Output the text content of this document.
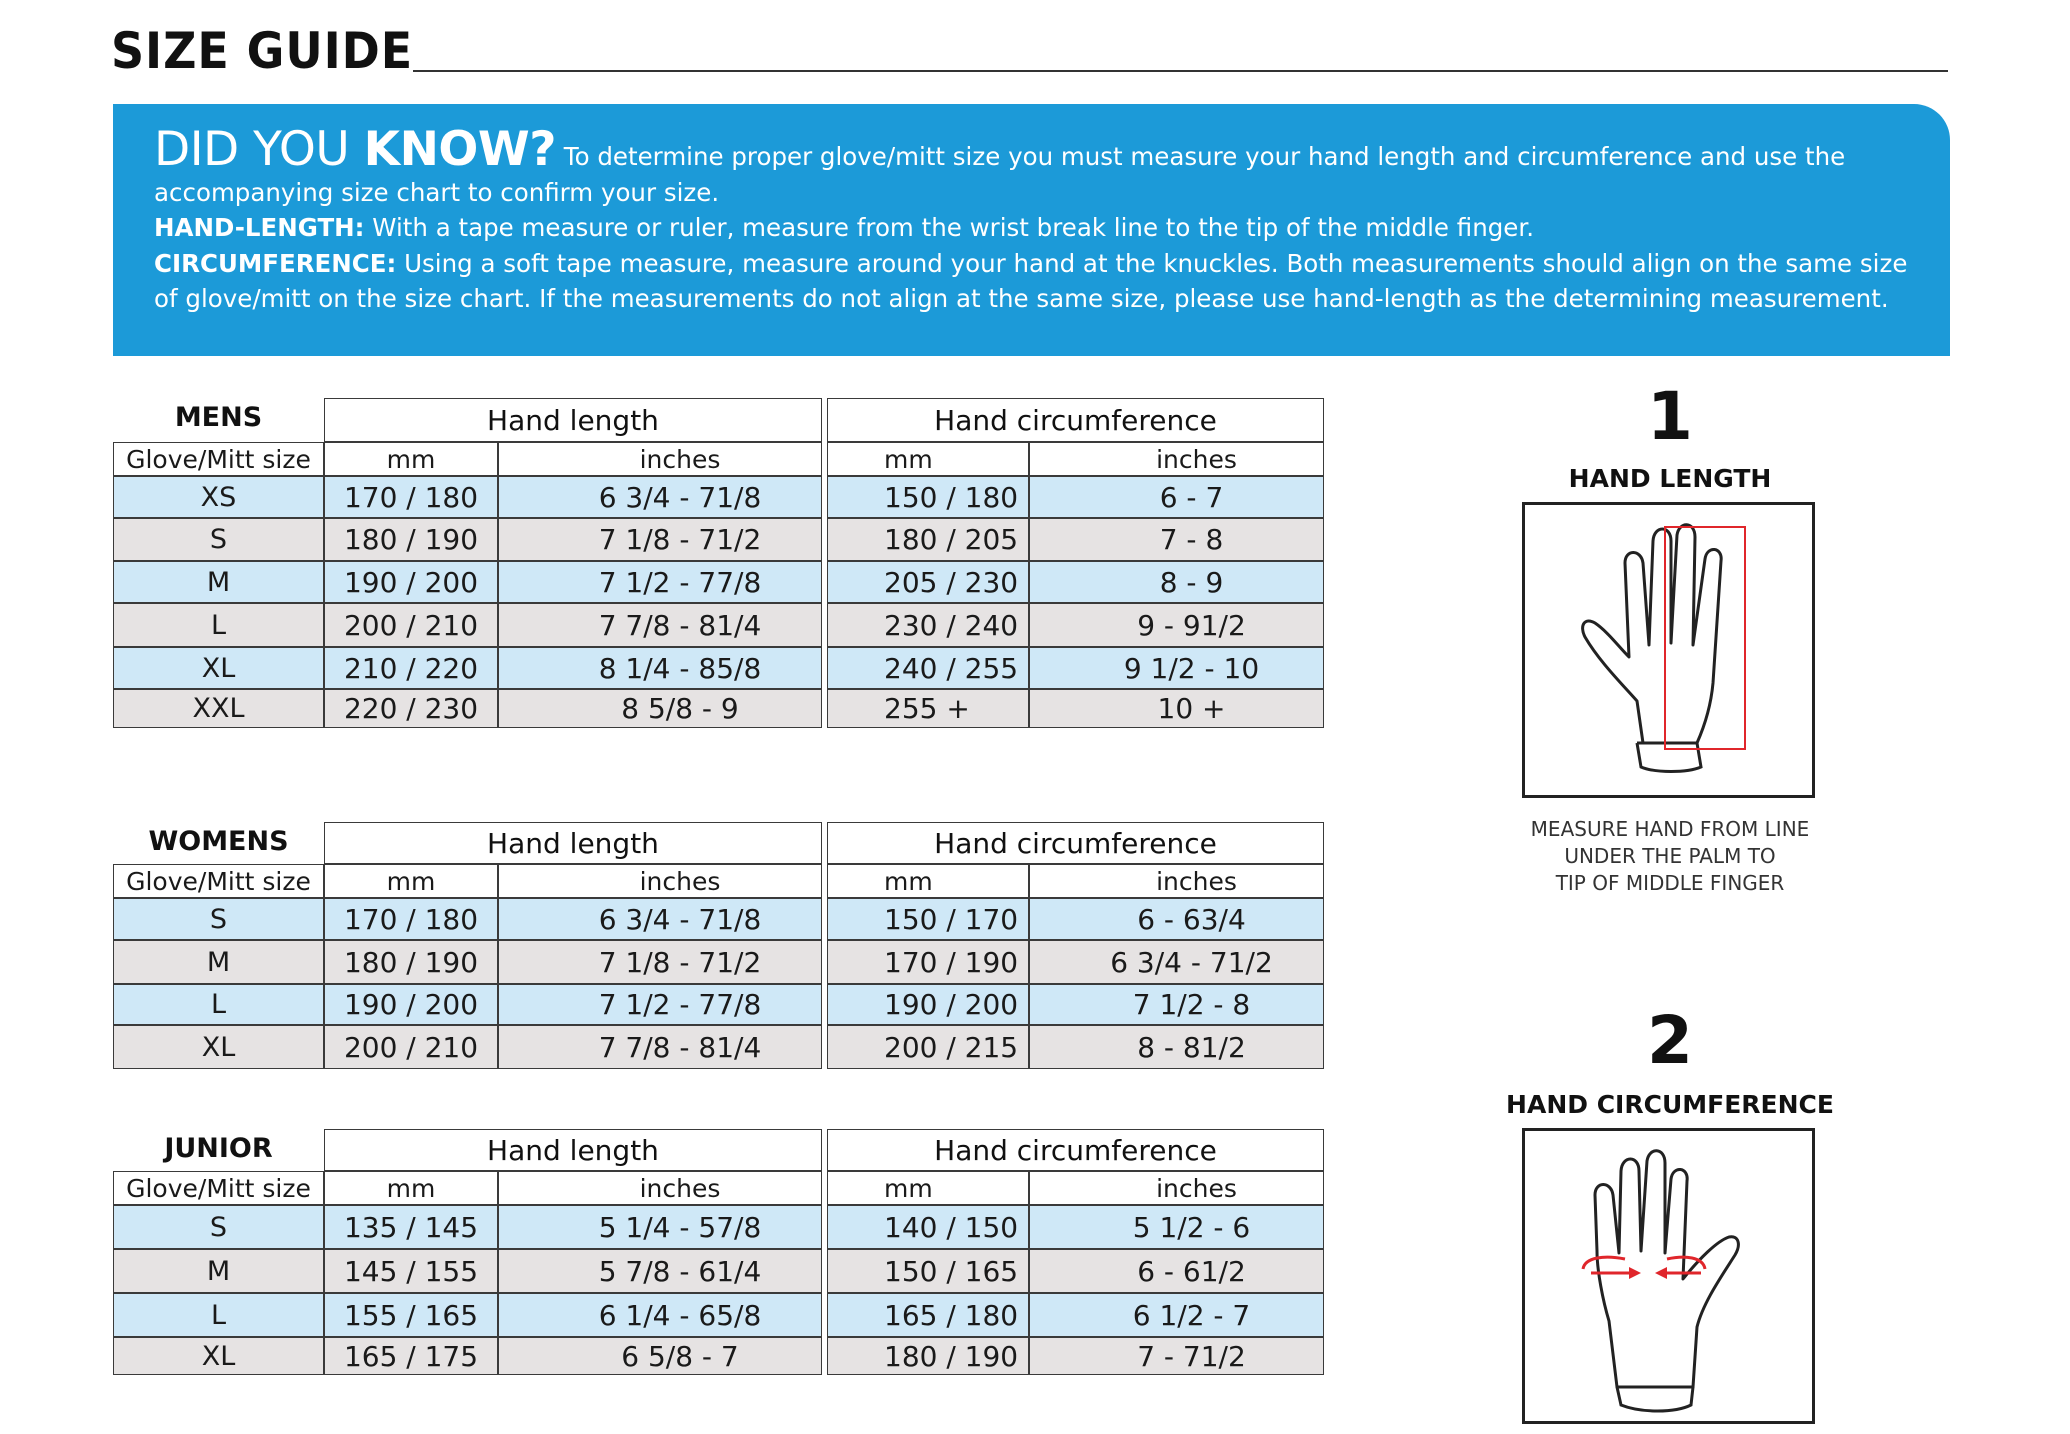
SIZE GUIDE

DID YOU KNOW? To determine proper glove/mitt size you must measure your hand length and circumference and use the accompanying size chart to confirm your size.

HAND-LENGTH: With a tape measure or ruler, measure from the wrist break line to the tip of the middle finger.

CIRCUMFERENCE: Using a soft tape measure, measure around your hand at the knuckles. Both measurements should align on the same size of glove/mitt on the size chart. If the measurements do not align at the same size, please use hand-length as the determining measurement.

MENS	Hand length	Hand circumference
Glove/Mitt size	mm	inches	mm	inches
XS	170 / 180	6 3/4 - 71/8	150 / 180	6 - 7
S	180 / 190	7 1/8 - 71/2	180 / 205	7 - 8
M	190 / 200	7 1/2 - 77/8	205 / 230	8 - 9
L	200 / 210	7 7/8 - 81/4	230 / 240	9 - 91/2
XL	210 / 220	8 1/4 - 85/8	240 / 255	9 1/2 - 10
XXL	220 / 230	8 5/8 - 9	255 +	10 +
WOMENS	Hand length	Hand circumference
Glove/Mitt size	mm	inches	mm	inches
S	170 / 180	6 3/4 - 71/8	150 / 170	6 - 63/4
M	180 / 190	7 1/8 - 71/2	170 / 190	6 3/4 - 71/2
L	190 / 200	7 1/2 - 77/8	190 / 200	7 1/2 - 8
XL	200 / 210	7 7/8 - 81/4	200 / 215	8 - 81/2
JUNIOR	Hand length	Hand circumference
Glove/Mitt size	mm	inches	mm	inches
S	135 / 145	5 1/4 - 57/8	140 / 150	5 1/2 - 6
M	145 / 155	5 7/8 - 61/4	150 / 165	6 - 61/2
L	155 / 165	6 1/4 - 65/8	165 / 180	6 1/2 - 7
XL	165 / 175	6 5/8 - 7	180 / 190	7 - 71/2
1
HAND LENGTH
MEASURE HAND FROM LINE
UNDER THE PALM TO
TIP OF MIDDLE FINGER
2
HAND CIRCUMFERENCE
